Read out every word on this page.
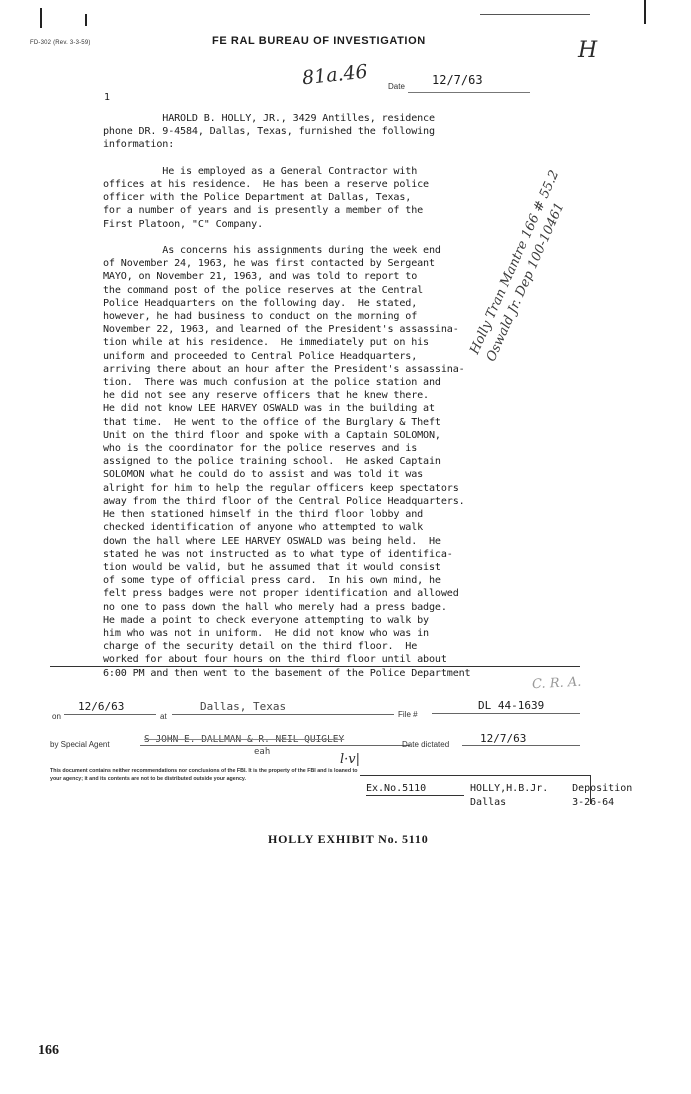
FD-302 (Rev. 3-3-59)	FE RAL BUREAU OF INVESTIGATION
81a.46
H
Date 12/7/63
1
Holly Tran Mantre 166 # 55.2 Oswald Jr. Dep 100-10461
HAROLD B. HOLLY, JR., 3429 Antilles, residence
phone DR. 9-4584, Dallas, Texas, furnished the following
information:

He is employed as a General Contractor with
offices at his residence.  He has been a reserve police
officer with the Police Department at Dallas, Texas,
for a number of years and is presently a member of the
First Platoon, "C" Company.

As concerns his assignments during the week end
of November 24, 1963, he was first contacted by Sergeant
MAYO, on November 21, 1963, and was told to report to
the command post of the police reserves at the Central
Police Headquarters on the following day.  He stated,
however, he had business to conduct on the morning of
November 22, 1963, and learned of the President's assassina-
tion while at his residence.  He immediately put on his
uniform and proceeded to Central Police Headquarters,
arriving there about an hour after the President's assassina-
tion.  There was much confusion at the police station and
he did not see any reserve officers that he knew there.
He did not know LEE HARVEY OSWALD was in the building at
that time.  He went to the office of the Burglary & Theft
Unit on the third floor and spoke with a Captain SOLOMON,
who is the coordinator for the police reserves and is
assigned to the police training school.  He asked Captain
SOLOMON what he could do to assist and was told it was
alright for him to help the regular officers keep spectators
away from the third floor of the Central Police Headquarters.
He then stationed himself in the third floor lobby and
checked identification of anyone who attempted to walk
down the hall where LEE HARVEY OSWALD was being held.  He
stated he was not instructed as to what type of identifica-
tion would be valid, but he assumed that it would consist
of some type of official press card.  In his own mind, he
felt press badges were not proper identification and allowed
no one to pass down the hall who merely had a press badge.
He made a point to check everyone attempting to walk by
him who was not in uniform.  He did not know who was in
charge of the security detail on the third floor.  He
worked for about four hours on the third floor until about
6:00 PM and then went to the basement of the Police Department
on
12/6/63
at
Dallas, Texas
File #
DL 44-1639
C. R. A.
by Special Agent	S JOHN E. DALLMAN & R. NEIL QUIGLEY
eah
Date dictated	12/7/63
l·v|
This document contains neither recommendations nor conclusions of the FBI. It is the property of the FBI and is loaned to
your agency; it and its contents are not to be distributed outside your agency.
Ex.No.5110	HOLLY,H.B.Jr. Deposition
Dallas	3-26-64
HOLLY EXHIBIT No. 5110
166
